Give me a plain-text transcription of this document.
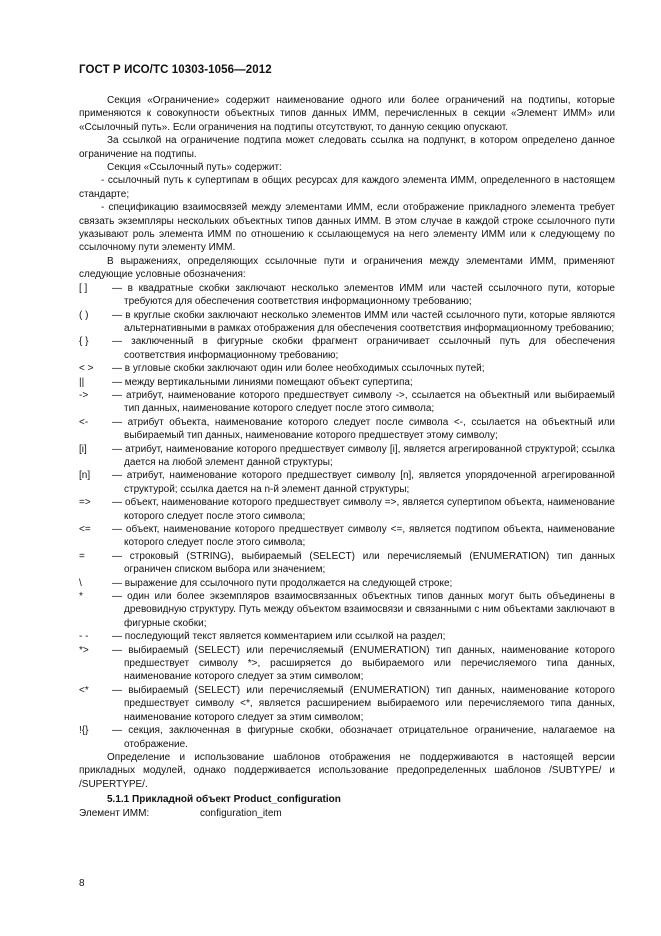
ГОСТ Р ИСО/ТС 10303-1056—2012

Секция «Ограничение» содержит наименование одного или более ограничений на подтипы, которые применяются к совокупности объектных типов данных ИММ, перечисленных в секции «Элемент ИММ» или «Ссылочный путь». Если ограничения на подтипы отсутствуют, то данную секцию опускают.

За ссылкой на ограничение подтипа может следовать ссылка на подпункт, в котором определено данное ограничение на подтипы.

Секция «Ссылочный путь» содержит:

- ссылочный путь к супертипам в общих ресурсах для каждого элемента ИММ, определенного в настоящем стандарте;

- спецификацию взаимосвязей между элементами ИММ, если отображение прикладного элемента требует связать экземпляры нескольких объектных типов данных ИММ. В этом случае в каждой строке ссылочного пути указывают роль элемента ИММ по отношению к ссылающемуся на него элементу ИММ или к следующему по ссылочному пути элементу ИММ.

В выражениях, определяющих ссылочные пути и ограничения между элементами ИММ, применяют следующие условные обозначения:

[ ] — в квадратные скобки заключают несколько элементов ИММ или частей ссылочного пути, которые требуются для обеспечения соответствия информационному требованию;
( ) — в круглые скобки заключают несколько элементов ИММ или частей ссылочного пути, которые являются альтернативными в рамках отображения для обеспечения соответствия информационному требованию;
{ } — заключенный в фигурные скобки фрагмент ограничивает ссылочный путь для обеспечения соответствия информационному требованию;
< > — в угловые скобки заключают один или более необходимых ссылочных путей;
||	— между вертикальными линиями помещают объект супертипа;
-> — атрибут, наименование которого предшествует символу ->, ссылается на объектный или выбираемый тип данных, наименование которого следует после этого символа;
<- — атрибут объекта, наименование которого следует после символа <-, ссылается на объектный или выбираемый тип данных, наименование которого предшествует этому символу;
[i]	— атрибут, наименование которого предшествует символу [i], является агрегированной структурой; ссылка дается на любой элемент данной структуры;
[n] — атрибут, наименование которого предшествует символу [n], является упорядоченной агрегированной структурой; ссылка дается на n-й элемент данной структуры;
=> — объект, наименование которого предшествует символу =>, является супертипом объекта, наименование которого следует после этого символа;
<= — объект, наименование которого предшествует символу <=, является подтипом объекта, наименование которого следует после этого символа;
=	— строковый (STRING), выбираемый (SELECT) или перечисляемый (ENUMERATION) тип данных ограничен списком выбора или значением;
\	— выражение для ссылочного пути продолжается на следующей строке;
*	— один или более экземпляров взаимосвязанных объектных типов данных могут быть объединены в древовидную структуру. Путь между объектом взаимосвязи и связанными с ним объектами заключают в фигурные скобки;
- - — последующий текст является комментарием или ссылкой на раздел;
*> — выбираемый (SELECT) или перечисляемый (ENUMERATION) тип данных, наименование которого предшествует символу *>, расширяется до выбираемого или перечисляемого типа данных, наименование которого следует за этим символом;
<* — выбираемый (SELECT) или перечисляемый (ENUMERATION) тип данных, наименование которого предшествует символу <*, является расширением выбираемого или перечисляемого типа данных, наименование которого следует за этим символом;
!{} — секция, заключенная в фигурные скобки, обозначает отрицательное ограничение, налагаемое на отображение.

Определение и использование шаблонов отображения не поддерживаются в настоящей версии прикладных модулей, однако поддерживается использование предопределенных шаблонов /SUBTYPE/ и /SUPERTYPE/.

5.1.1 Прикладной объект Product_configuration
Элемент ИММ:	configuration_item
8
